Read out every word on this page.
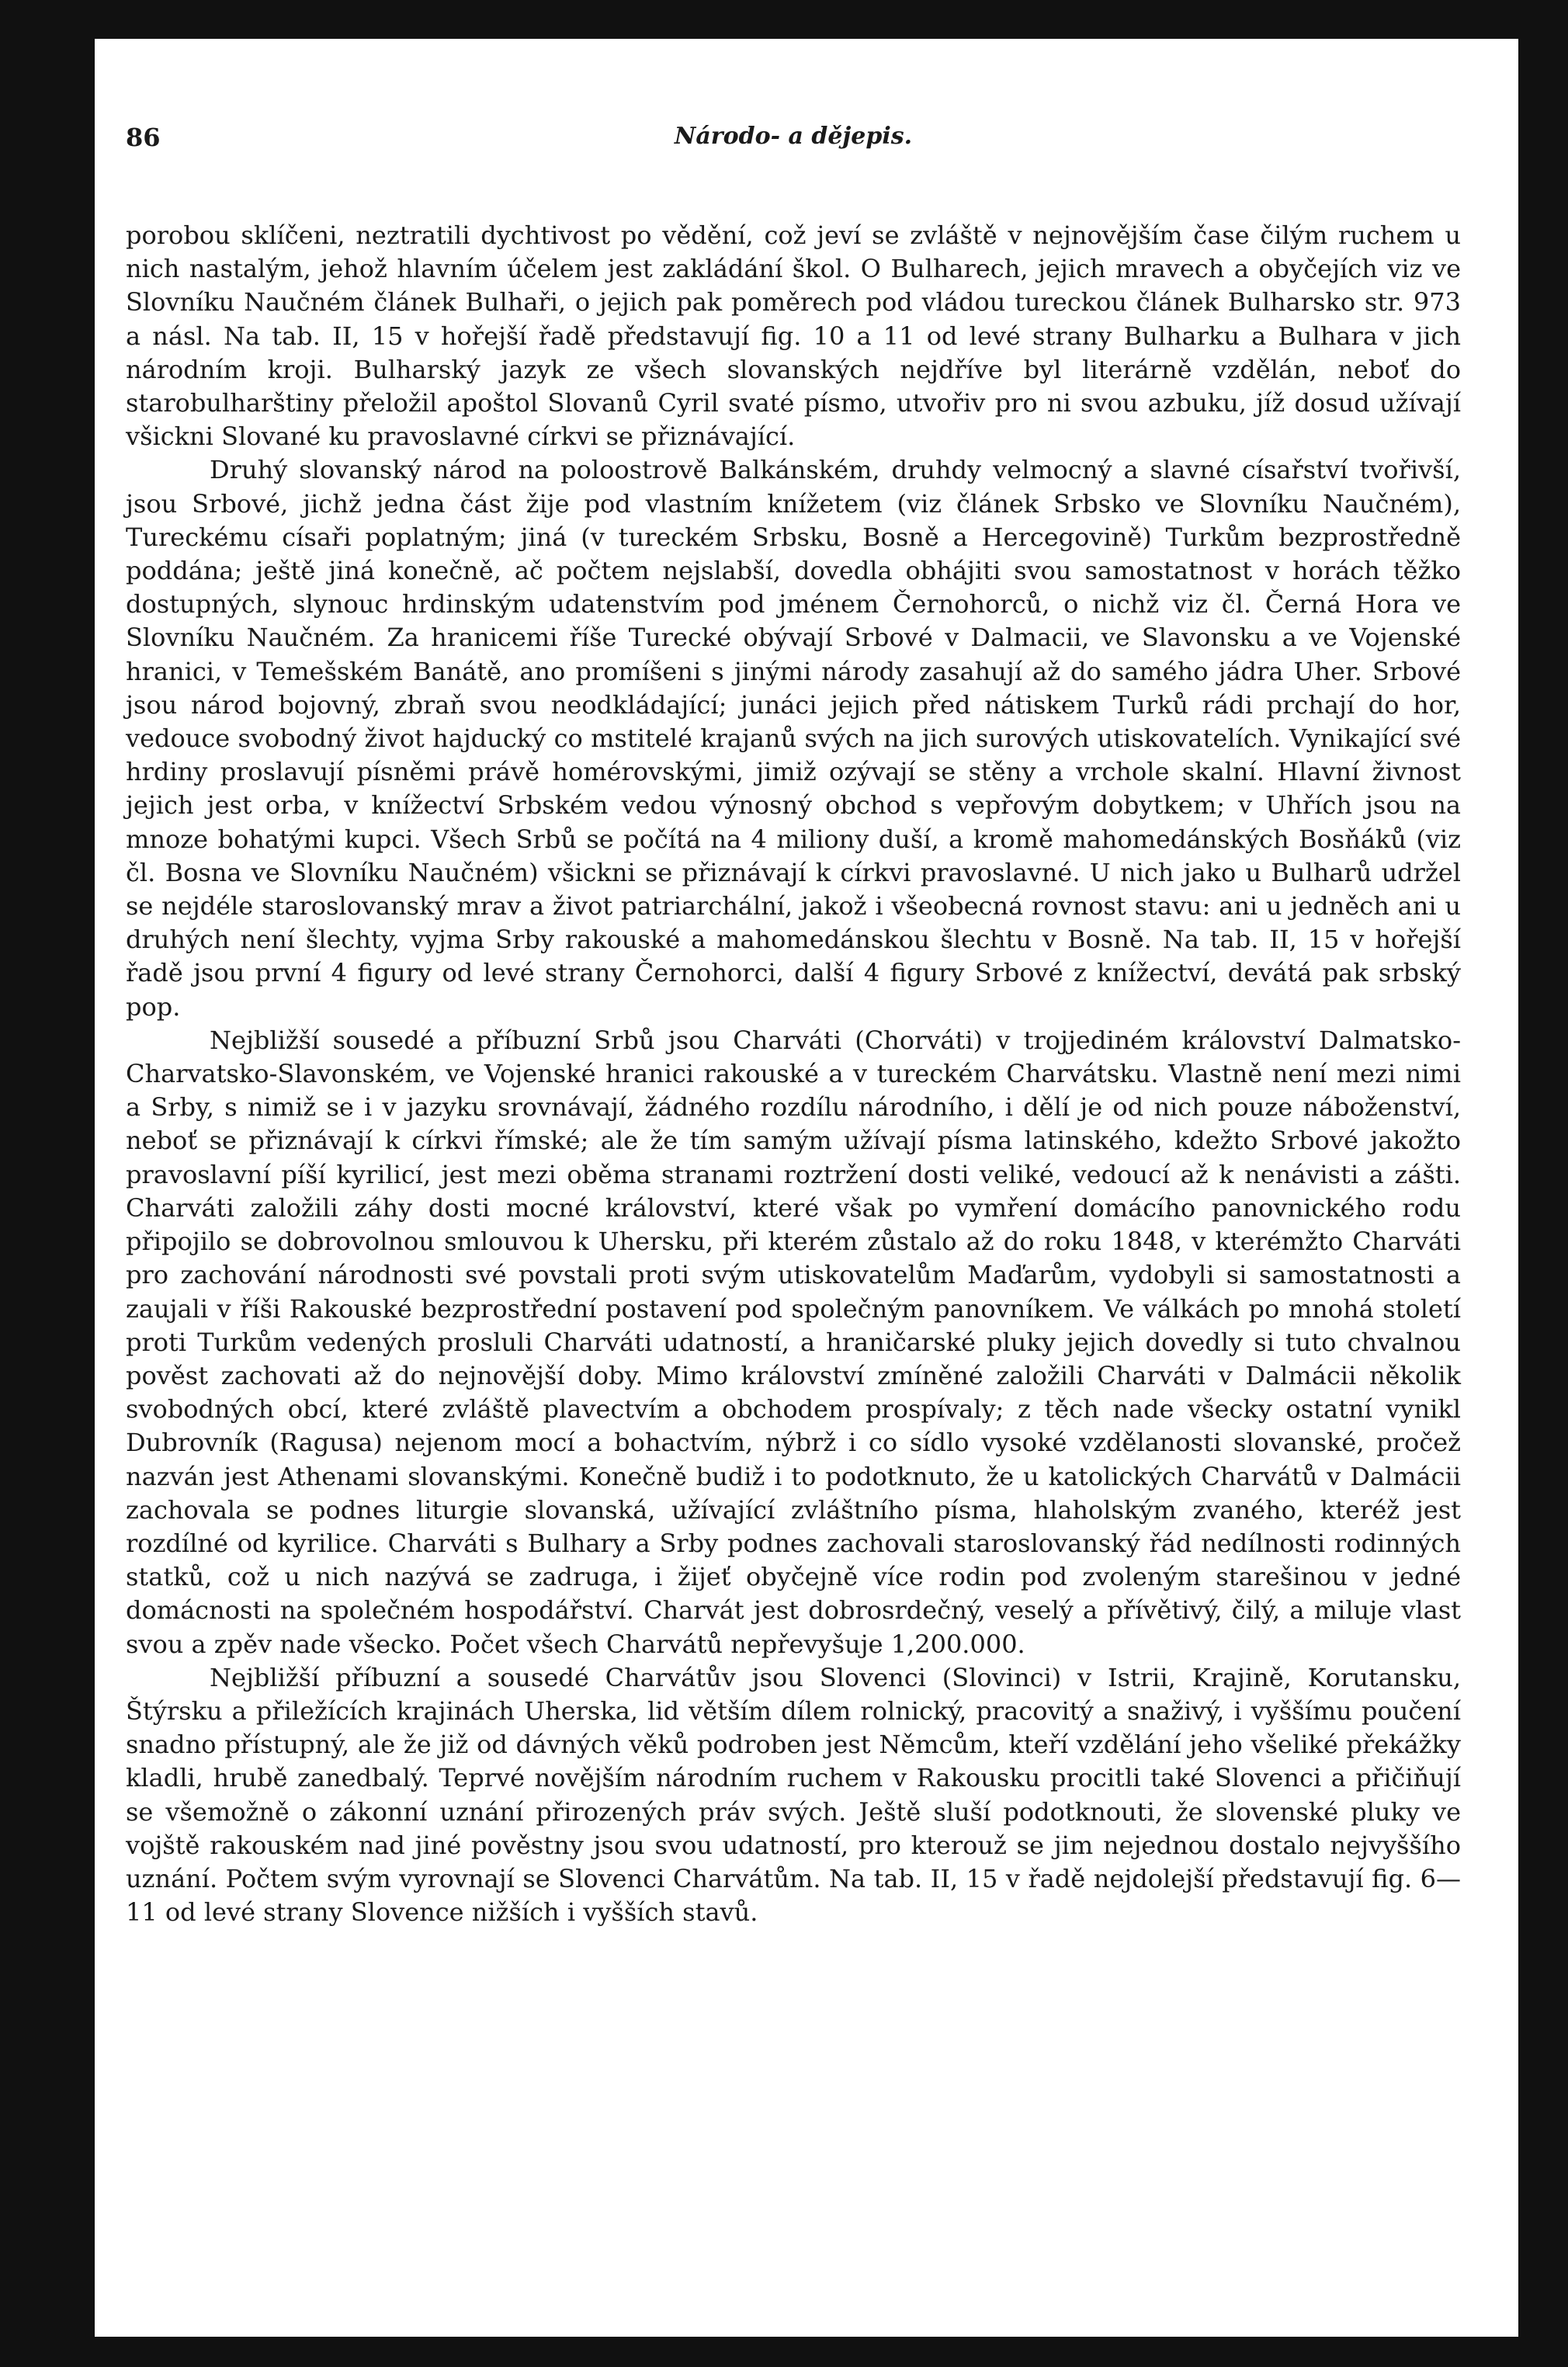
86	Národo- a dějepis.

porobou sklíčeni, neztratili dychtivost po vědění, což jeví se zvláště v nejnovějším čase čilým ruchem u nich nastalým, jehož hlavním účelem jest zakládání škol. O Bulharech, jejich mravech a obyčejích viz ve Slovníku Naučném článek Bulhaři, o jejich pak poměrech pod vládou tureckou článek Bulharsko str. 973 a násl. Na tab. II, 15 v hořejší řadě představují fig. 10 a 11 od levé strany Bulharku a Bulhara v jich národním kroji. Bulharský jazyk ze všech slovanských nejdříve byl literárně vzdělán, neboť do starobulharštiny přeložil apoštol Slovanů Cyril svaté písmo, utvořiv pro ni svou azbuku, jíž dosud užívají všickni Slované ku pravoslavné církvi se přiznávající.

Druhý slovanský národ na poloostrově Balkánském, druhdy velmocný a slavné císařství tvořivší, jsou Srbové, jichž jedna část žije pod vlastním knížetem (viz článek Srbsko ve Slovníku Naučném), Tureckému císaři poplatným; jiná (v tureckém Srbsku, Bosně a Hercegovině) Turkům bezprostředně poddána; ještě jiná konečně, ač počtem nejslabší, dovedla obhájiti svou samostatnost v horách těžko dostupných, slynouc hrdinským udatenstvím pod jménem Černohorců, o nichž viz čl. Černá Hora ve Slovníku Naučném. Za hranicemi říše Turecké obývají Srbové v Dalmacii, ve Slavonsku a ve Vojenské hranici, v Temešském Banátě, ano promíšeni s jinými národy zasahují až do samého jádra Uher. Srbové jsou národ bojovný, zbraň svou neodkládající; junáci jejich před nátiskem Turků rádi prchají do hor, vedouce svobodný život hajducký co mstitelé krajanů svých na jich surových utiskovatelích. Vynikající své hrdiny proslavují písněmi právě homérovskými, jimiž ozývají se stěny a vrchole skalní. Hlavní živnost jejich jest orba, v knížectví Srbském vedou výnosný obchod s vepřovým dobytkem; v Uhřích jsou na mnoze bohatými kupci. Všech Srbů se počítá na 4 miliony duší, a kromě mahomedánských Bosňáků (viz čl. Bosna ve Slovníku Naučném) všickni se přiznávají k církvi pravoslavné. U nich jako u Bulharů udržel se nejdéle staroslovanský mrav a život patriarchální, jakož i všeobecná rovnost stavu: ani u jedněch ani u druhých není šlechty, vyjma Srby rakouské a mahomedánskou šlechtu v Bosně. Na tab. II, 15 v hořejší řadě jsou první 4 figury od levé strany Černohorci, další 4 figury Srbové z knížectví, devátá pak srbský pop.

Nejbližší sousedé a příbuzní Srbů jsou Charváti (Chorváti) v trojjediném království Dalmatsko-Charvatsko-Slavonském, ve Vojenské hranici rakouské a v tureckém Charvátsku. Vlastně není mezi nimi a Srby, s nimiž se i v jazyku srovnávají, žádného rozdílu národního, i dělí je od nich pouze náboženství, neboť se přiznávají k církvi římské; ale že tím samým užívají písma latinského, kdežto Srbové jakožto pravoslavní píší kyrilicí, jest mezi oběma stranami roztržení dosti veliké, vedoucí až k nenávisti a zášti. Charváti založili záhy dosti mocné království, které však po vymření domácího panovnického rodu připojilo se dobrovolnou smlouvou k Uhersku, při kterém zůstalo až do roku 1848, v kterémžto Charváti pro zachování národnosti své povstali proti svým utiskovatelům Maďarům, vydobyli si samostatnosti a zaujali v říši Rakouské bezprostřední postavení pod společným panovníkem. Ve válkách po mnohá století proti Turkům vedených prosluli Charváti udatností, a hraničarské pluky jejich dovedly si tuto chvalnou pověst zachovati až do nejnovější doby. Mimo království zmíněné založili Charváti v Dalmácii několik svobodných obcí, které zvláště plavectvím a obchodem prospívaly; z těch nade všecky ostatní vynikl Dubrovník (Ragusa) nejenom mocí a bohactvím, nýbrž i co sídlo vysoké vzdělanosti slovanské, pročež nazván jest Athenami slovanskými. Konečně budiž i to podotknuto, že u katolických Charvátů v Dalmácii zachovala se podnes liturgie slovanská, užívající zvláštního písma, hlaholským zvaného, kteréž jest rozdílné od kyrilice. Charváti s Bulhary a Srby podnes zachovali staroslovanský řád nedílnosti rodinných statků, což u nich nazývá se zadruga, i žijeť obyčejně více rodin pod zvoleným starešinou v jedné domácnosti na společném hospodářství. Charvát jest dobrosrdečný, veselý a přívětivý, čilý, a miluje vlast svou a zpěv nade všecko. Počet všech Charvátů nepřevyšuje 1,200.000.

Nejbližší příbuzní a sousedé Charvátův jsou Slovenci (Slovinci) v Istrii, Krajině, Korutansku, Štýrsku a přiležících krajinách Uherska, lid větším dílem rolnický, pracovitý a snaživý, i vyššímu poučení snadno přístupný, ale že již od dávných věků podroben jest Němcům, kteří vzdělání jeho všeliké překážky kladli, hrubě zanedbalý. Teprvé novějším národním ruchem v Rakousku procitli také Slovenci a přičiňují se všemožně o zákonní uznání přirozených práv svých. Ještě sluší podotknouti, že slovenské pluky ve vojště rakouském nad jiné pověstny jsou svou udatností, pro kterouž se jim nejednou dostalo nejvyššího uznání. Počtem svým vyrovnají se Slovenci Charvátům. Na tab. II, 15 v řadě nejdolejší představují fig. 6—11 od levé strany Slovence nižších i vyšších stavů.
